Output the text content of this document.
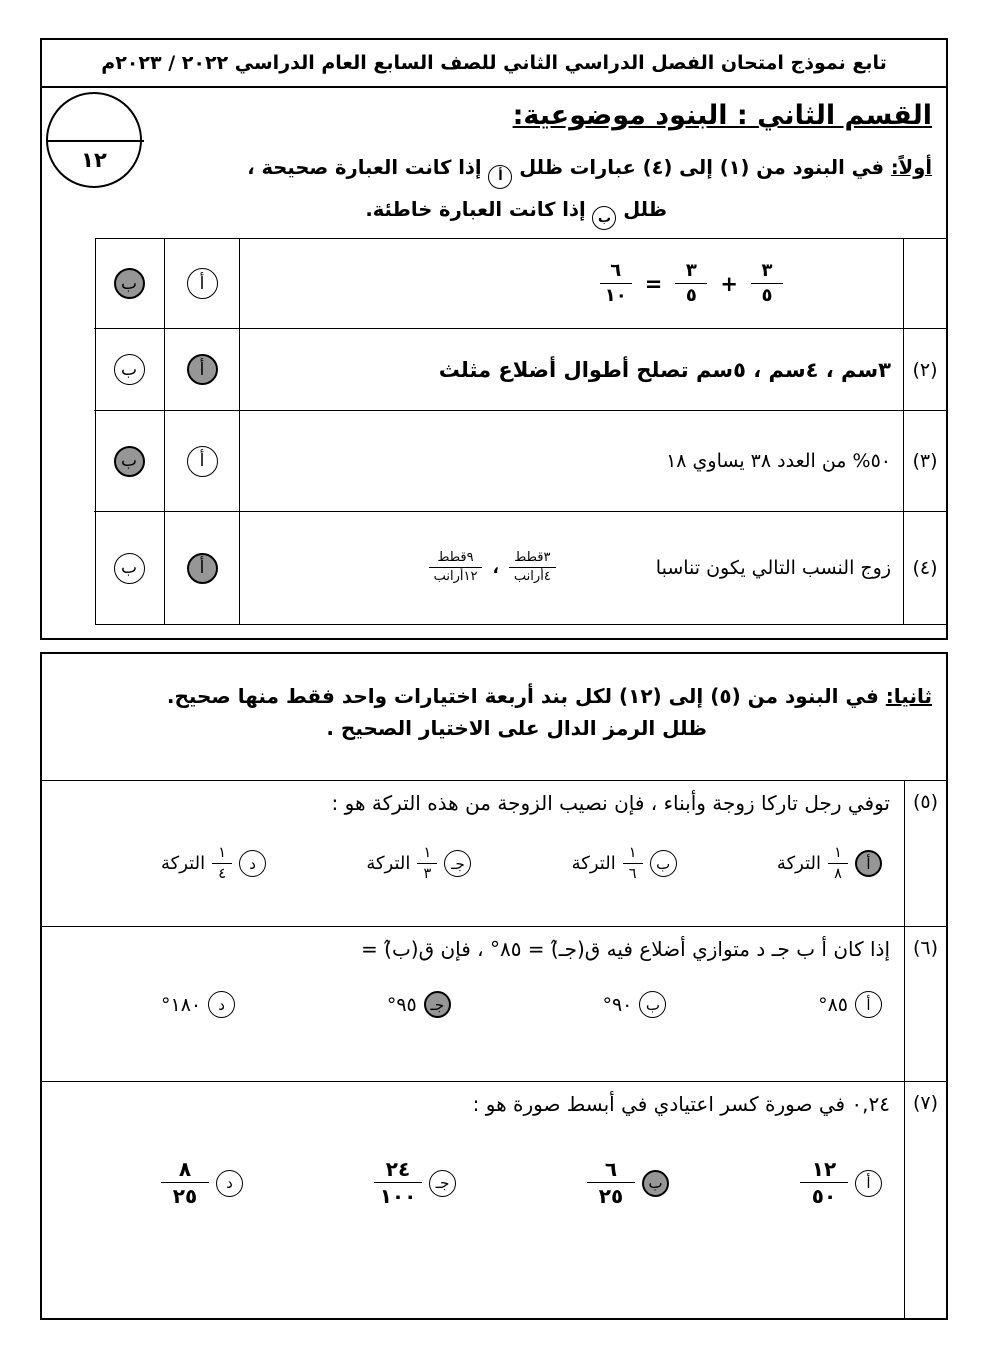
تابع نموذج امتحان الفصل الدراسي الثاني للصف السابع العام الدراسي ٢٠٢٢ / ٢٠٢٣م
١٢
القسم الثاني : البنود موضوعية:
أولاً: في البنود من (١) إلى (٤) عبارات ظلل أ إذا كانت العبارة صحيحة ،
ظلل ب إذا كانت العبارة خاطئة.
$\frac{٣}{٥}$
+
$\frac{٣}{٥}$
=
$\frac{٦}{١٠}$
أ
ب
(٢)
٣سم ، ٤سم ، ٥سم تصلح أطوال أضلاع مثلث
أ
ب
(٣)
٥٠% من العدد ٣٨ يساوي ١٨
أ
ب
(٤)
زوج النسب التالي يكون تناسبا
$\frac{\text{٣قطط}}{\text{٤أرانب}}$
،
$\frac{\text{٩قطط}}{\text{١٢أرانب}}$
أ
ب
ثانيا: في البنود من (٥) إلى (١٢) لكل بند أربعة اختيارات واحد فقط منها صحيح.
ظلل الرمز الدال على الاختيار الصحيح .
(٥)
توفي رجل تاركا زوجة وأبناء ، فإن نصيب الزوجة من هذه التركة هو :
أ
$\frac{١}{٨}$
التركة
ب
$\frac{١}{٦}$
التركة
جـ
$\frac{١}{٣}$
التركة
د
$\frac{١}{٤}$
التركة
(٦)
إذا كان أ ب جـ د متوازي أضلاع فيه ق(جـ̂) = ٨٥° ، فإن ق(ب̂) =
أ
٨٥°
ب
٩٠°
جـ
٩٥°
د
١٨٠°
(٧)
٠,٢٤ في صورة كسر اعتيادي في أبسط صورة هو :
أ
$\frac{١٢}{٥٠}$
ب
$\frac{٦}{٢٥}$
جـ
$\frac{٢٤}{١٠٠}$
د
$\frac{٨}{٢٥}$
